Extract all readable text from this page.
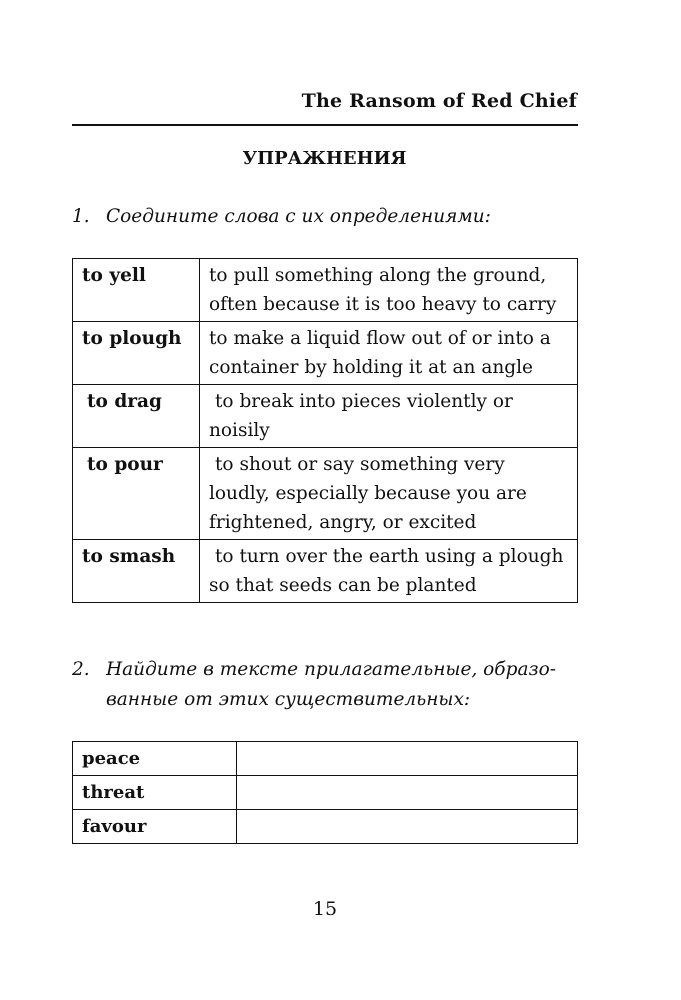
The Ransom of Red Chief
УПРАЖНЕНИЯ
1. Соедините слова с их определениями:
to yell	to pull something along the ground, often because it is too heavy to carry
to plough	to make a liquid flow out of or into a container by holding it at an angle
to drag	to break into pieces violently or noisily
to pour	to shout or say something very loudly, especially because you are frightened, angry, or excited
to smash	to turn over the earth using a plough so that seeds can be planted
2. Найдите в тексте прилагательные, образо-
ванные от этих существительных:
peace	
threat	
favour	
15
